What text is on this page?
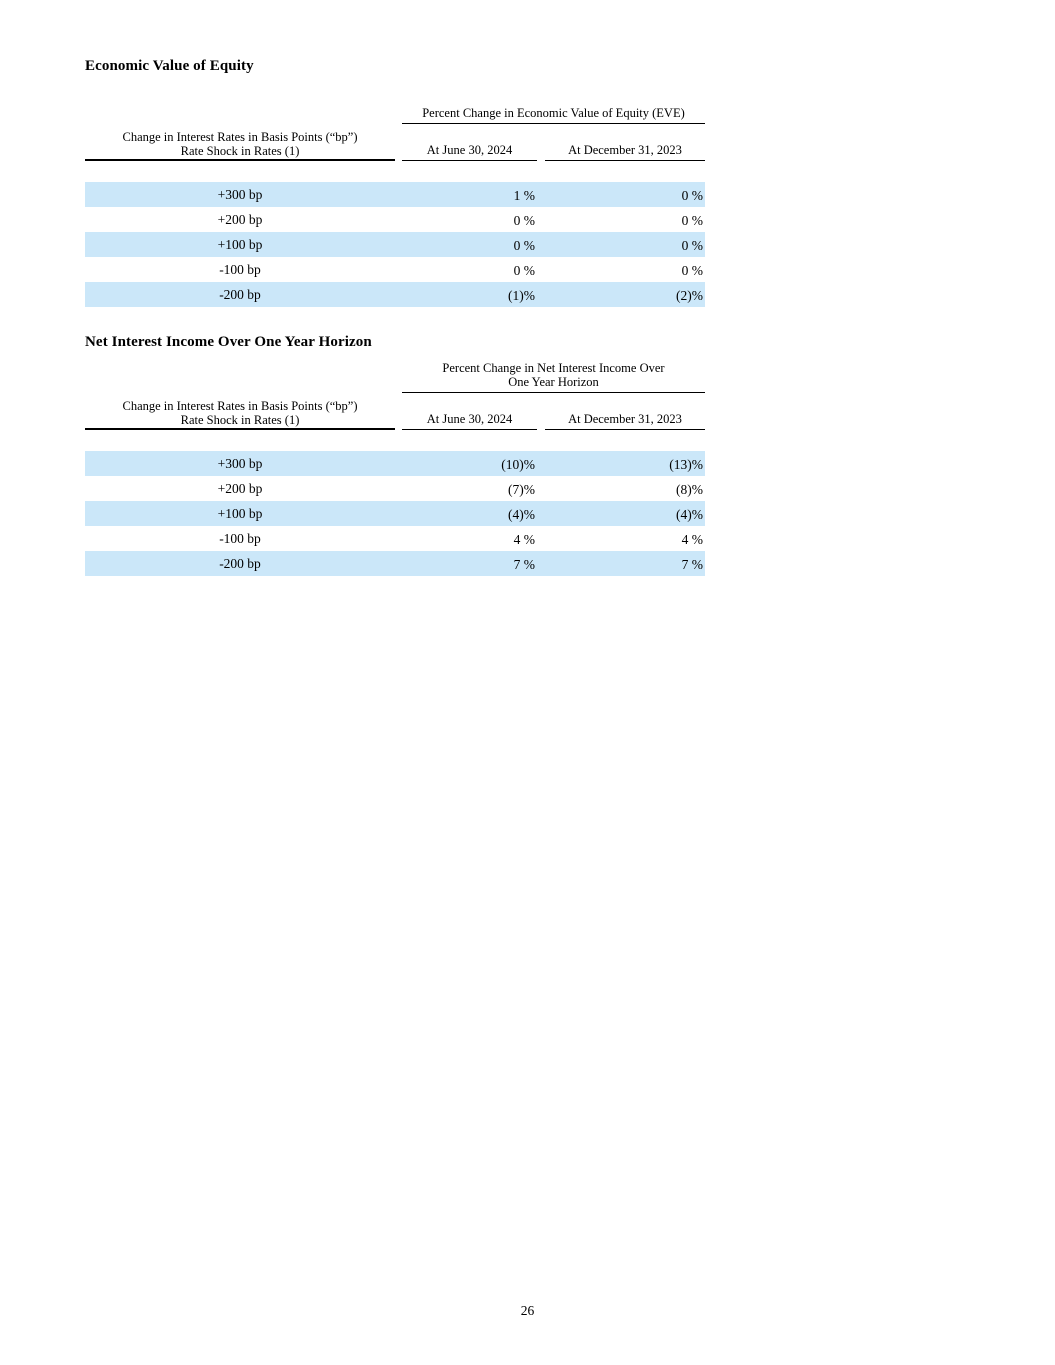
Economic Value of Equity
Percent Change in Economic Value of Equity (EVE)
Change in Interest Rates in Basis Points (“bp”)
Rate Shock in Rates (1)	At June 30, 2024	At December 31, 2023
+300 bp	1 %	0 %
+200 bp	0 %	0 %
+100 bp	0 %	0 %
-100 bp	0 %	0 %
-200 bp	(1)%	(2)%
Net Interest Income Over One Year Horizon
Percent Change in Net Interest Income Over
One Year Horizon
Change in Interest Rates in Basis Points (“bp”)
Rate Shock in Rates (1)	At June 30, 2024	At December 31, 2023
+300 bp	(10)%	(13)%
+200 bp	(7)%	(8)%
+100 bp	(4)%	(4)%
-100 bp	4 %	4 %
-200 bp	7 %	7 %
26
